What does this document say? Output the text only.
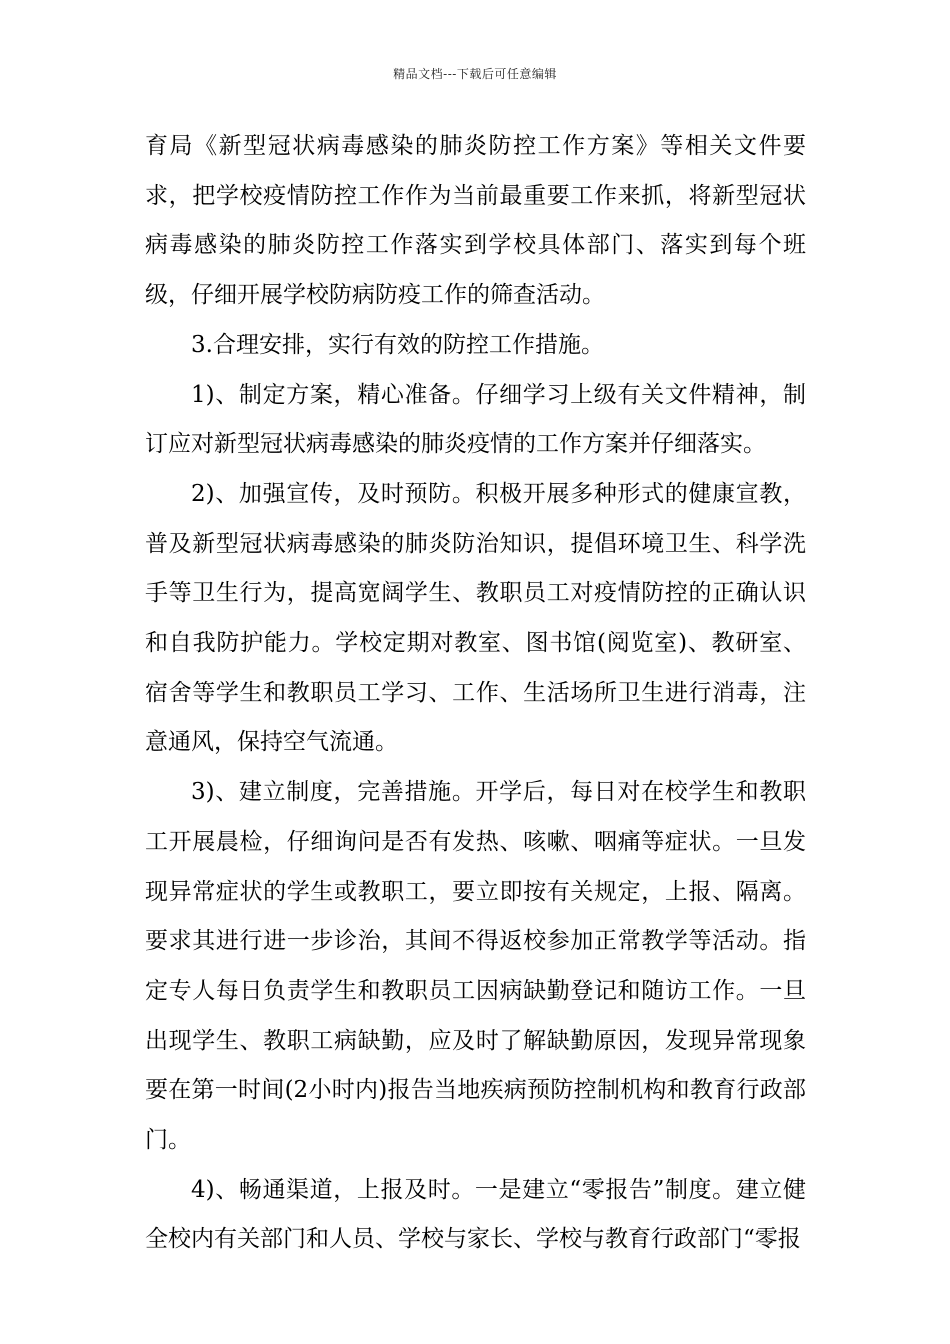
精品文档---下载后可任意编辑

育局《新型冠状病毒感染的肺炎防控工作方案》等相关文件要求，把学校疫情防控工作作为当前最重要工作来抓，将新型冠状病毒感染的肺炎防控工作落实到学校具体部门、落实到每个班级，仔细开展学校防病防疫工作的筛查活动。

3.合理安排，实行有效的防控工作措施。

1)、制定方案，精心准备。仔细学习上级有关文件精神，制订应对新型冠状病毒感染的肺炎疫情的工作方案并仔细落实。

2)、加强宣传，及时预防。积极开展多种形式的健康宣教，普及新型冠状病毒感染的肺炎防治知识，提倡环境卫生、科学洗手等卫生行为，提高宽阔学生、教职员工对疫情防控的正确认识和自我防护能力。学校定期对教室、图书馆(阅览室)、教研室、宿舍等学生和教职员工学习、工作、生活场所卫生进行消毒，注意通风，保持空气流通。

3)、建立制度，完善措施。开学后，每日对在校学生和教职工开展晨检，仔细询问是否有发热、咳嗽、咽痛等症状。一旦发现异常症状的学生或教职工，要立即按有关规定，上报、隔离。要求其进行进一步诊治，其间不得返校参加正常教学等活动。指定专人每日负责学生和教职员工因病缺勤登记和随访工作。一旦出现学生、教职工病缺勤，应及时了解缺勤原因，发现异常现象要在第一时间(2小时内)报告当地疾病预防控制机构和教育行政部门。

4)、畅通渠道，上报及时。一是建立“零报告”制度。建立健全校内有关部门和人员、学校与家长、学校与教育行政部门“零报
